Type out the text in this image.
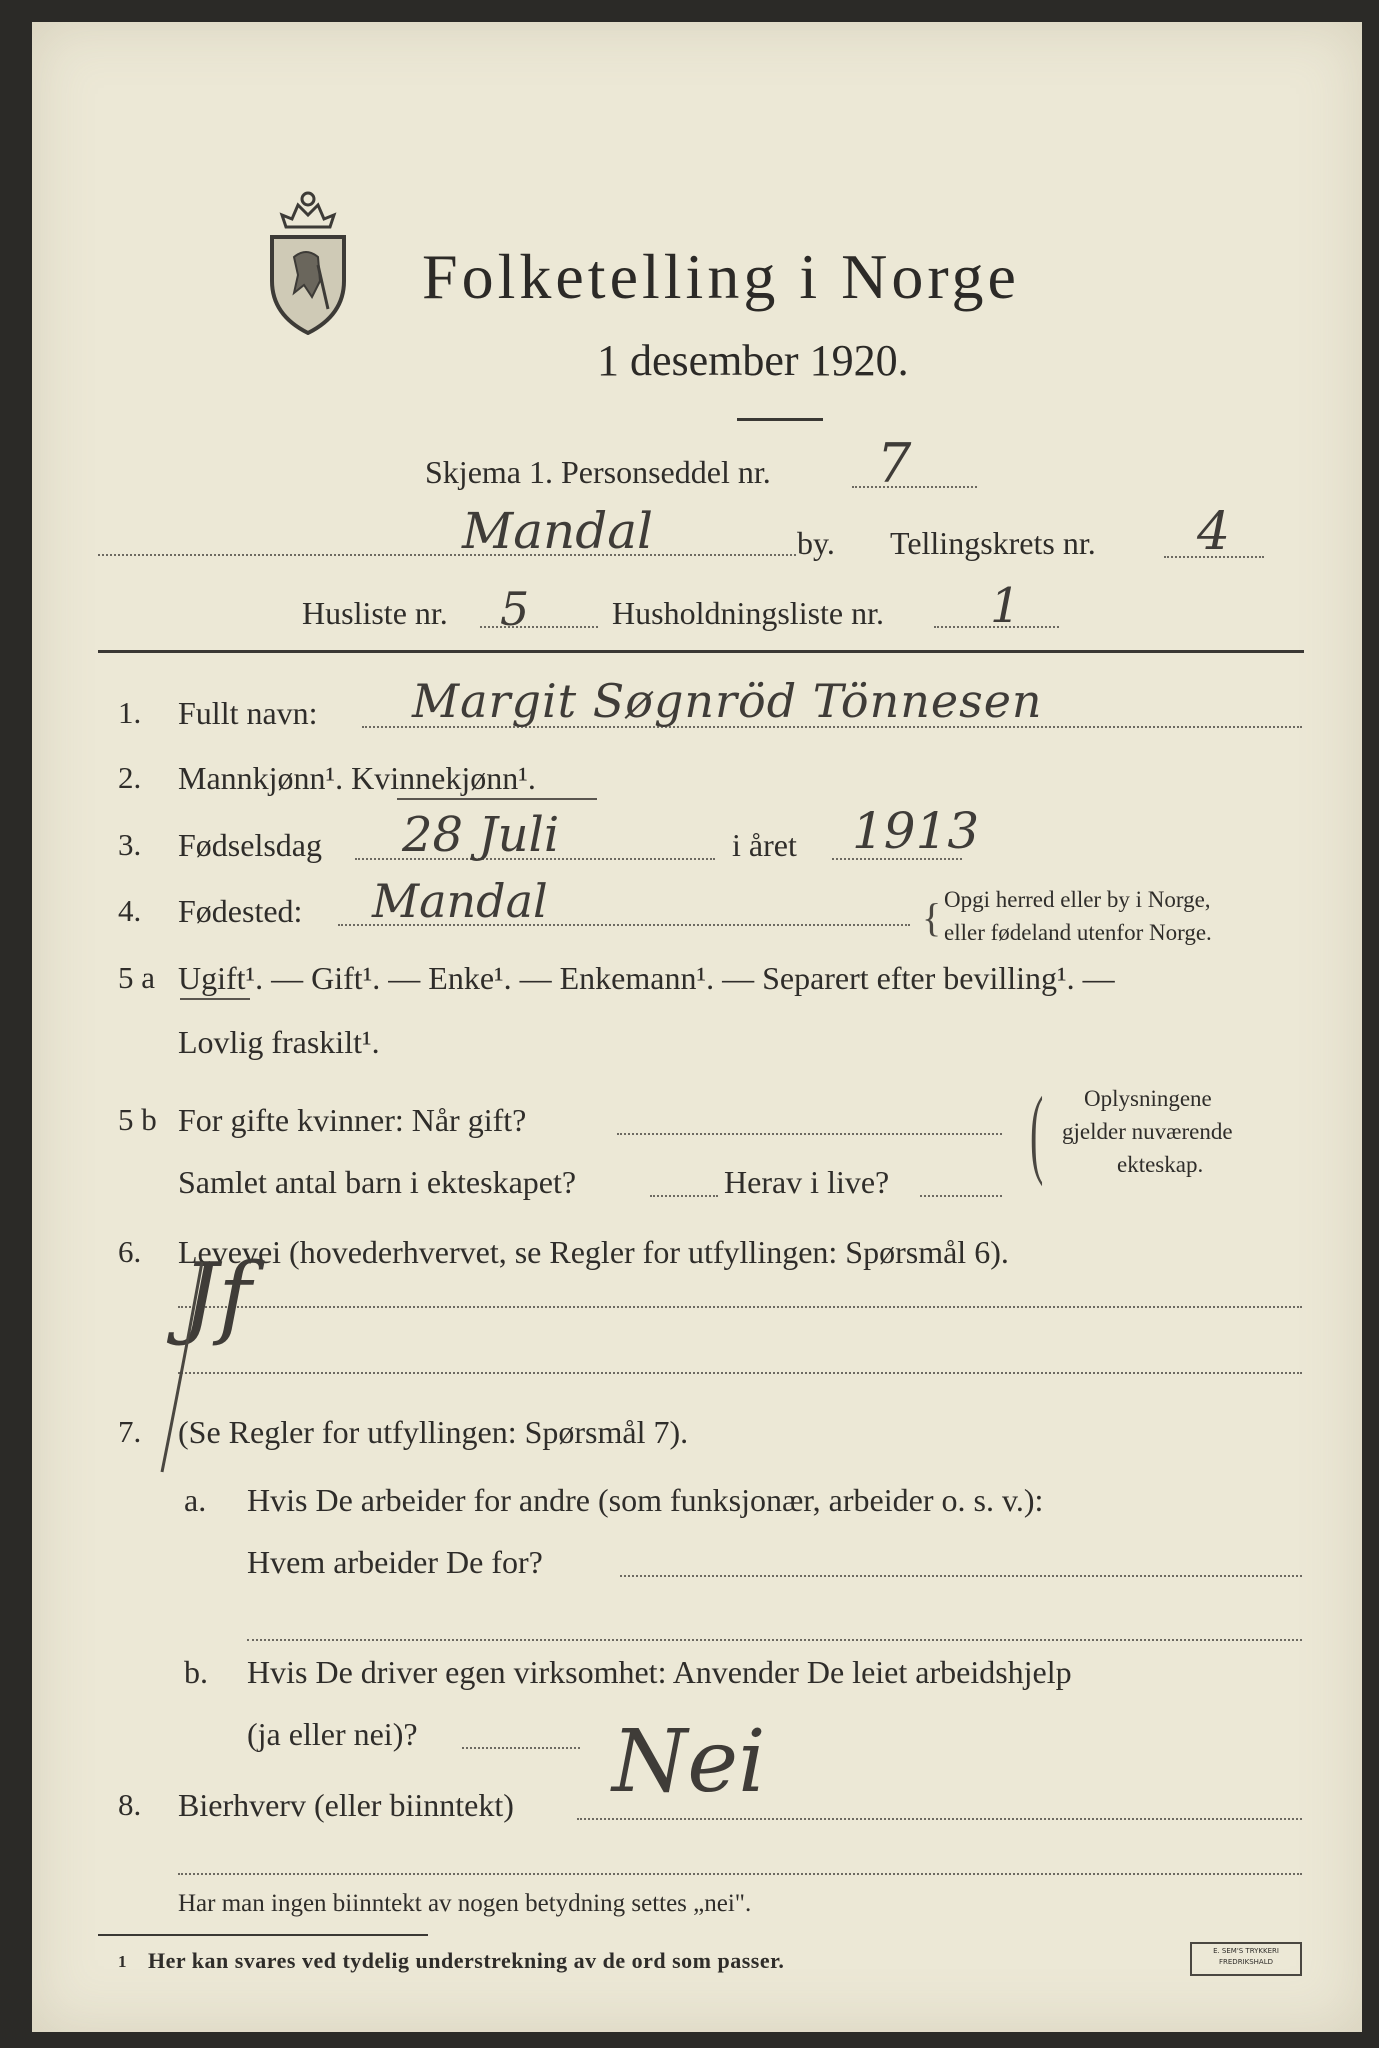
Folketelling i Norge
1 desember 1920.
Skjema 1. Personseddel nr. 7
Mandal	by. Tellingskrets nr. 4
Husliste nr. 5	Husholdningsliste nr. 1
1. Fullt navn: Margit Søgnröd Tönnesen
2. Mannkjønn¹. Kvinnekjønn¹.
3. Fødselsdag 28 Juli	i året 1913
4. Fødested: Mandal	{ Opgi herred eller by i Norge,
eller fødeland utenfor Norge.
5 a Ugift¹. — Gift¹. — Enke¹. — Enkemann¹. — Separert efter bevilling¹. —
Lovlig fraskilt¹.
5 b For gifte kvinner: Når gift?
Samlet antal barn i ekteskapet?	Herav i live? ( Oplysningene
gjelder nuværende
ekteskap.
6. Levevei (hovederhvervet, se Regler for utfyllingen: Spørsmål 6).
Jf
7. (Se Regler for utfyllingen: Spørsmål 7).
a. Hvis De arbeider for andre (som funksjonær, arbeider o. s. v.):
Hvem arbeider De for?
b. Hvis De driver egen virksomhet: Anvender De leiet arbeidshjelp
(ja eller nei)?
8. Bierhverv (eller biinntekt) Nei
Har man ingen biinntekt av nogen betydning settes „nei".
1 Her kan svares ved tydelig understrekning av de ord som passer.	E. SEM'S TRYKKERI
FREDRIKSHALD
